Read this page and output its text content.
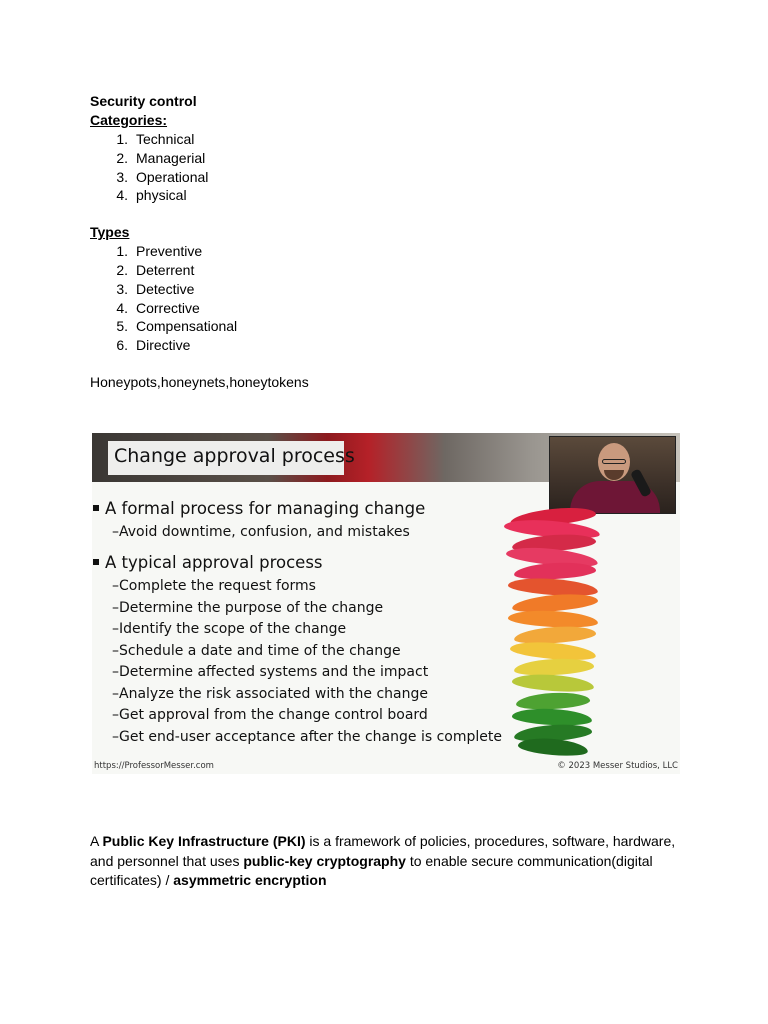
Security control
Categories:
1. Technical
2. Managerial
3. Operational
4. physical
Types
1. Preventive
2. Deterrent
3. Detective
4. Corrective
5. Compensational
6. Directive
Honeypots,honeynets,honeytokens
Change approval process
A formal process for managing change
–Avoid downtime, confusion, and mistakes
A typical approval process
–Complete the request forms
–Determine the purpose of the change
–Identify the scope of the change
–Schedule a date and time of the change
–Determine affected systems and the impact
–Analyze the risk associated with the change
–Get approval from the change control board
–Get end-user acceptance after the change is complete
https://ProfessorMesser.com	© 2023 Messer Studios, LLC
A Public Key Infrastructure (PKI) is a framework of policies, procedures, software, hardware, and personnel that uses public-key cryptography to enable secure communication(digital certificates) / asymmetric encryption
